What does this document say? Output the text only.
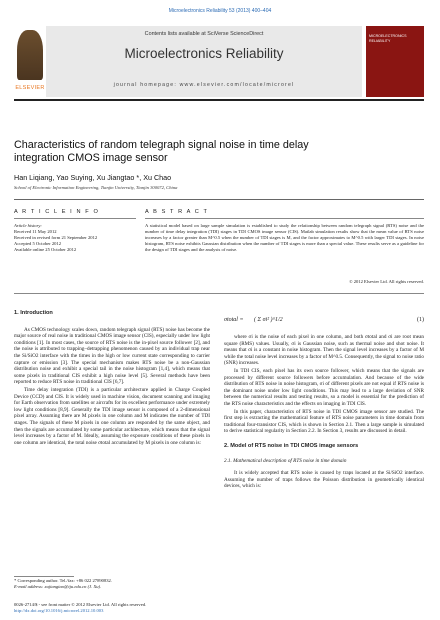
Microelectronics Reliability 53 (2013) 400–404
ELSEVIER
Contents lists available at SciVerse ScienceDirect
Microelectronics Reliability
journal homepage: www.elsevier.com/locate/microrel
MICROELECTRONICS RELIABILITY
Characteristics of random telegraph signal noise in time delay integration CMOS image sensor
Han Liqiang, Yao Suying, Xu Jiangtao *, Xu Chao
School of Electronic Information Engineering, Tianjin University, Tianjin 300072, China
A R T I C L E I N F O	A B S T R A C T
Article history:
Received 11 May 2012
Received in revised form 21 September 2012
Accepted 5 October 2012
Available online 25 October 2012
A statistical model based on large sample simulation is established to study the relationship between random telegraph signal (RTS) noise and the number of time delay integration (TDI) stages in TDI CMOS image sensor (CIS). Matlab simulation results show that the mean value of RTS noise increases by a factor greater than M^0.5 when the number of TDI stages is M, and the factor approximates to M^0.5 with larger TDI stages. In noise histogram, RTS noise exhibits Gaussian distribution when the number of TDI stages is more than a special value. These results serve as a guideline for the design of TDI stages and the analysis of noise.
© 2012 Elsevier Ltd. All rights reserved.
1. Introduction

As CMOS technology scales down, random telegraph signal (RTS) noise has become the major source of real noise in traditional CMOS image sensor (CIS), especially under low light conditions [1]. In most cases, the source of RTS noise is the in-pixel source follower [2], and the noise is attributed to trapping–detrapping phenomenon caused by an individual trap near the Si/SiO2 interface with the times in the high or low current state corresponding to carrier capture or emission [3]. The special mechanism makes RTS noise be a non-Gaussian distribution noise and exhibit a special tail in the noise histogram [1,4], which means that some pixels in traditional CIS exhibit a high noise level [5]. Several methods have been reported to reduce RTS noise in traditional CIS [6,7].

Time delay integration (TDI) is a particular architecture applied in Charge Coupled Device (CCD) and CIS. It is widely used in machine vision, document scanning and imaging for Earth observation from satellites or aircrafts for its excellent performance under extremely low light conditions [8,9]. Generally the TDI image sensor is composed of a 2-dimensional pixel array. Assuming there are M pixels in one column and M indicates the number of TDI stages. The signals of these M pixels in one column are responded by the same object, and then the signals are accumulated by some particular architecture, which means that the signal level increases by a factor of M. Ideally, assuming the exposure conditions of these pixels in one column are identical, the total noise σtotal accumulated by M pixels in one column is:

σtotal = ( Σ σi² )^1/2	(1)

where σi is the noise of each pixel in one column, and both σtotal and σi are root mean square (RMS) values. Usually, σi is Gaussian noise, such as thermal noise and shot noise. It means that σi is a constant in noise histogram. Then the signal level increases by a factor of M while the total noise level increases by a factor of M^0.5. Consequently, the signal to noise ratio (SNR) increases.

In TDI CIS, each pixel has its own source follower, which means that the signals are processed by different source followers before accumulation. And because of the wide distribution of RTS noise in noise histogram, σi of different pixels are not equal if RTS noise is the dominant noise under low light conditions. This may lead to a large deviation of SNR between the numerical results and testing results, so a model is essential for the prediction of the RTS noise characteristics and the effects on imaging in TDI CIS.

In this paper, characteristics of RTS noise in TDI CMOS image sensor are studied. The first step is extracting the mathematical feature of RTS noise parameters in time domain from traditional four-transistor CIS, which is shown in Section 2.1. Then a large sample is simulated to derive statistical regularity in Section 2.2. In Section 3, results are discussed in detail.

2. Model of RTS noise in TDI CMOS image sensors
2.1. Mathematical description of RTS noise in time domain

It is widely accepted that RTS noise is caused by traps located at the Si/SiO2 interface. Assuming the number of traps follows the Poisson distribution in geometrically identical devices, which is:

* Corresponding author. Tel./fax: +86 022 27890832.
E-mail address: xujiangtao@tju.edu.cn (J. Xu).
0026-2714/$ - see front matter © 2012 Elsevier Ltd. All rights reserved.
http://dx.doi.org/10.1016/j.microrel.2012.10.003
